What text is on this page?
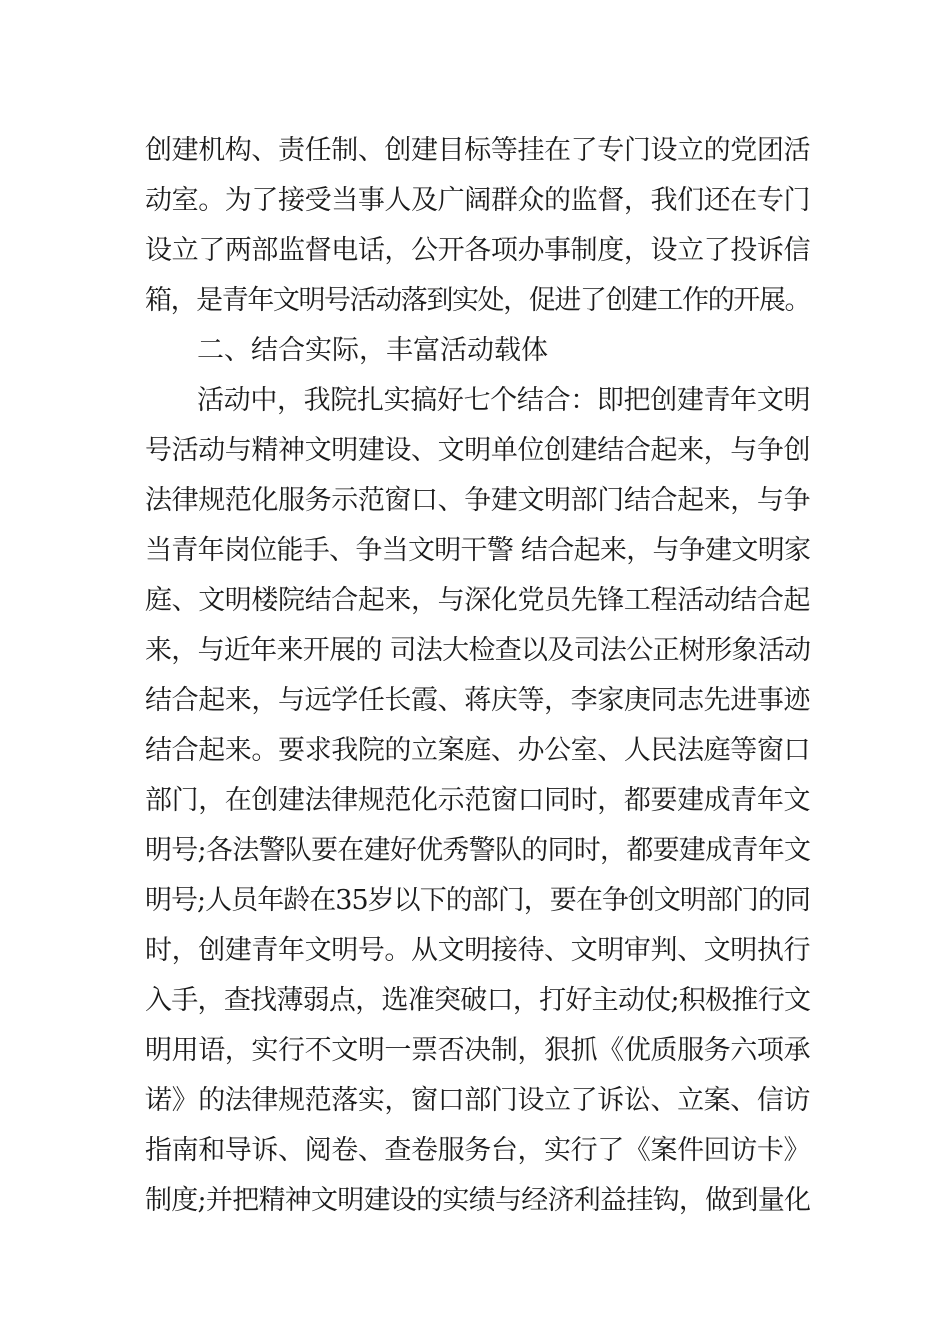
创建机构、责任制、创建目标等挂在了专门设立的党团活
动室。为了接受当事人及广阔群众的监督，我们还在专门
设立了两部监督电话，公开各项办事制度，设立了投诉信
箱，是青年文明号活动落到实处，促进了创建工作的开展。
二、结合实际，丰富活动载体
活动中，我院扎实搞好七个结合：即把创建青年文明
号活动与精神文明建设、文明单位创建结合起来，与争创
法律规范化服务示范窗口、争建文明部门结合起来，与争
当青年岗位能手、争当文明干警 结合起来，与争建文明家
庭、文明楼院结合起来，与深化党员先锋工程活动结合起
来，与近年来开展的 司法大检查以及司法公正树形象活动
结合起来，与远学任长霞、蒋庆等，李家庚同志先进事迹
结合起来。要求我院的立案庭、办公室、人民法庭等窗口
部门，在创建法律规范化示范窗口同时，都要建成青年文
明号;各法警队要在建好优秀警队的同时，都要建成青年文
明号;人员年龄在35岁以下的部门，要在争创文明部门的同
时，创建青年文明号。从文明接待、文明审判、文明执行
入手，查找薄弱点，选准突破口，打好主动仗;积极推行文
明用语，实行不文明一票否决制，狠抓《优质服务六项承
诺》的法律规范落实，窗口部门设立了诉讼、立案、信访
指南和导诉、阅卷、查卷服务台，实行了《案件回访卡》
制度;并把精神文明建设的实绩与经济利益挂钩，做到量化
